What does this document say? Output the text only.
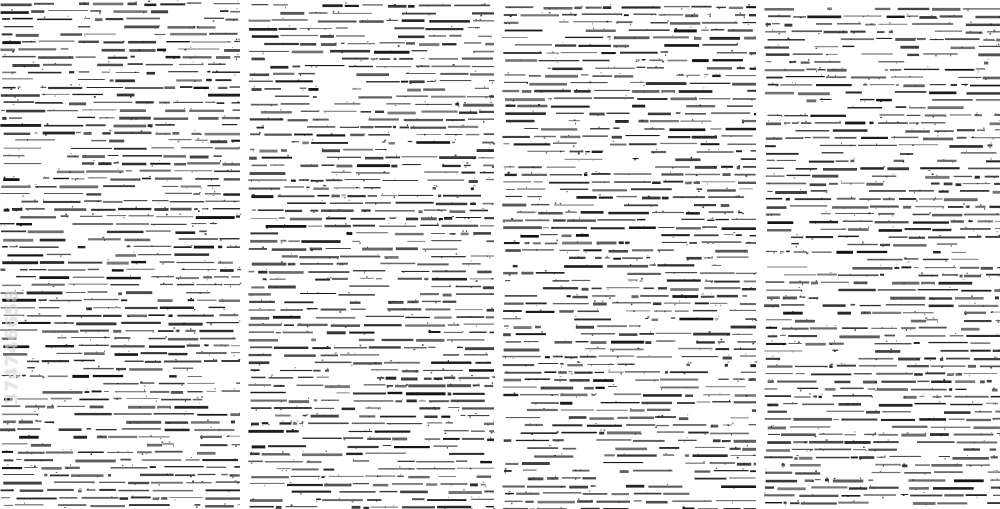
374746658
